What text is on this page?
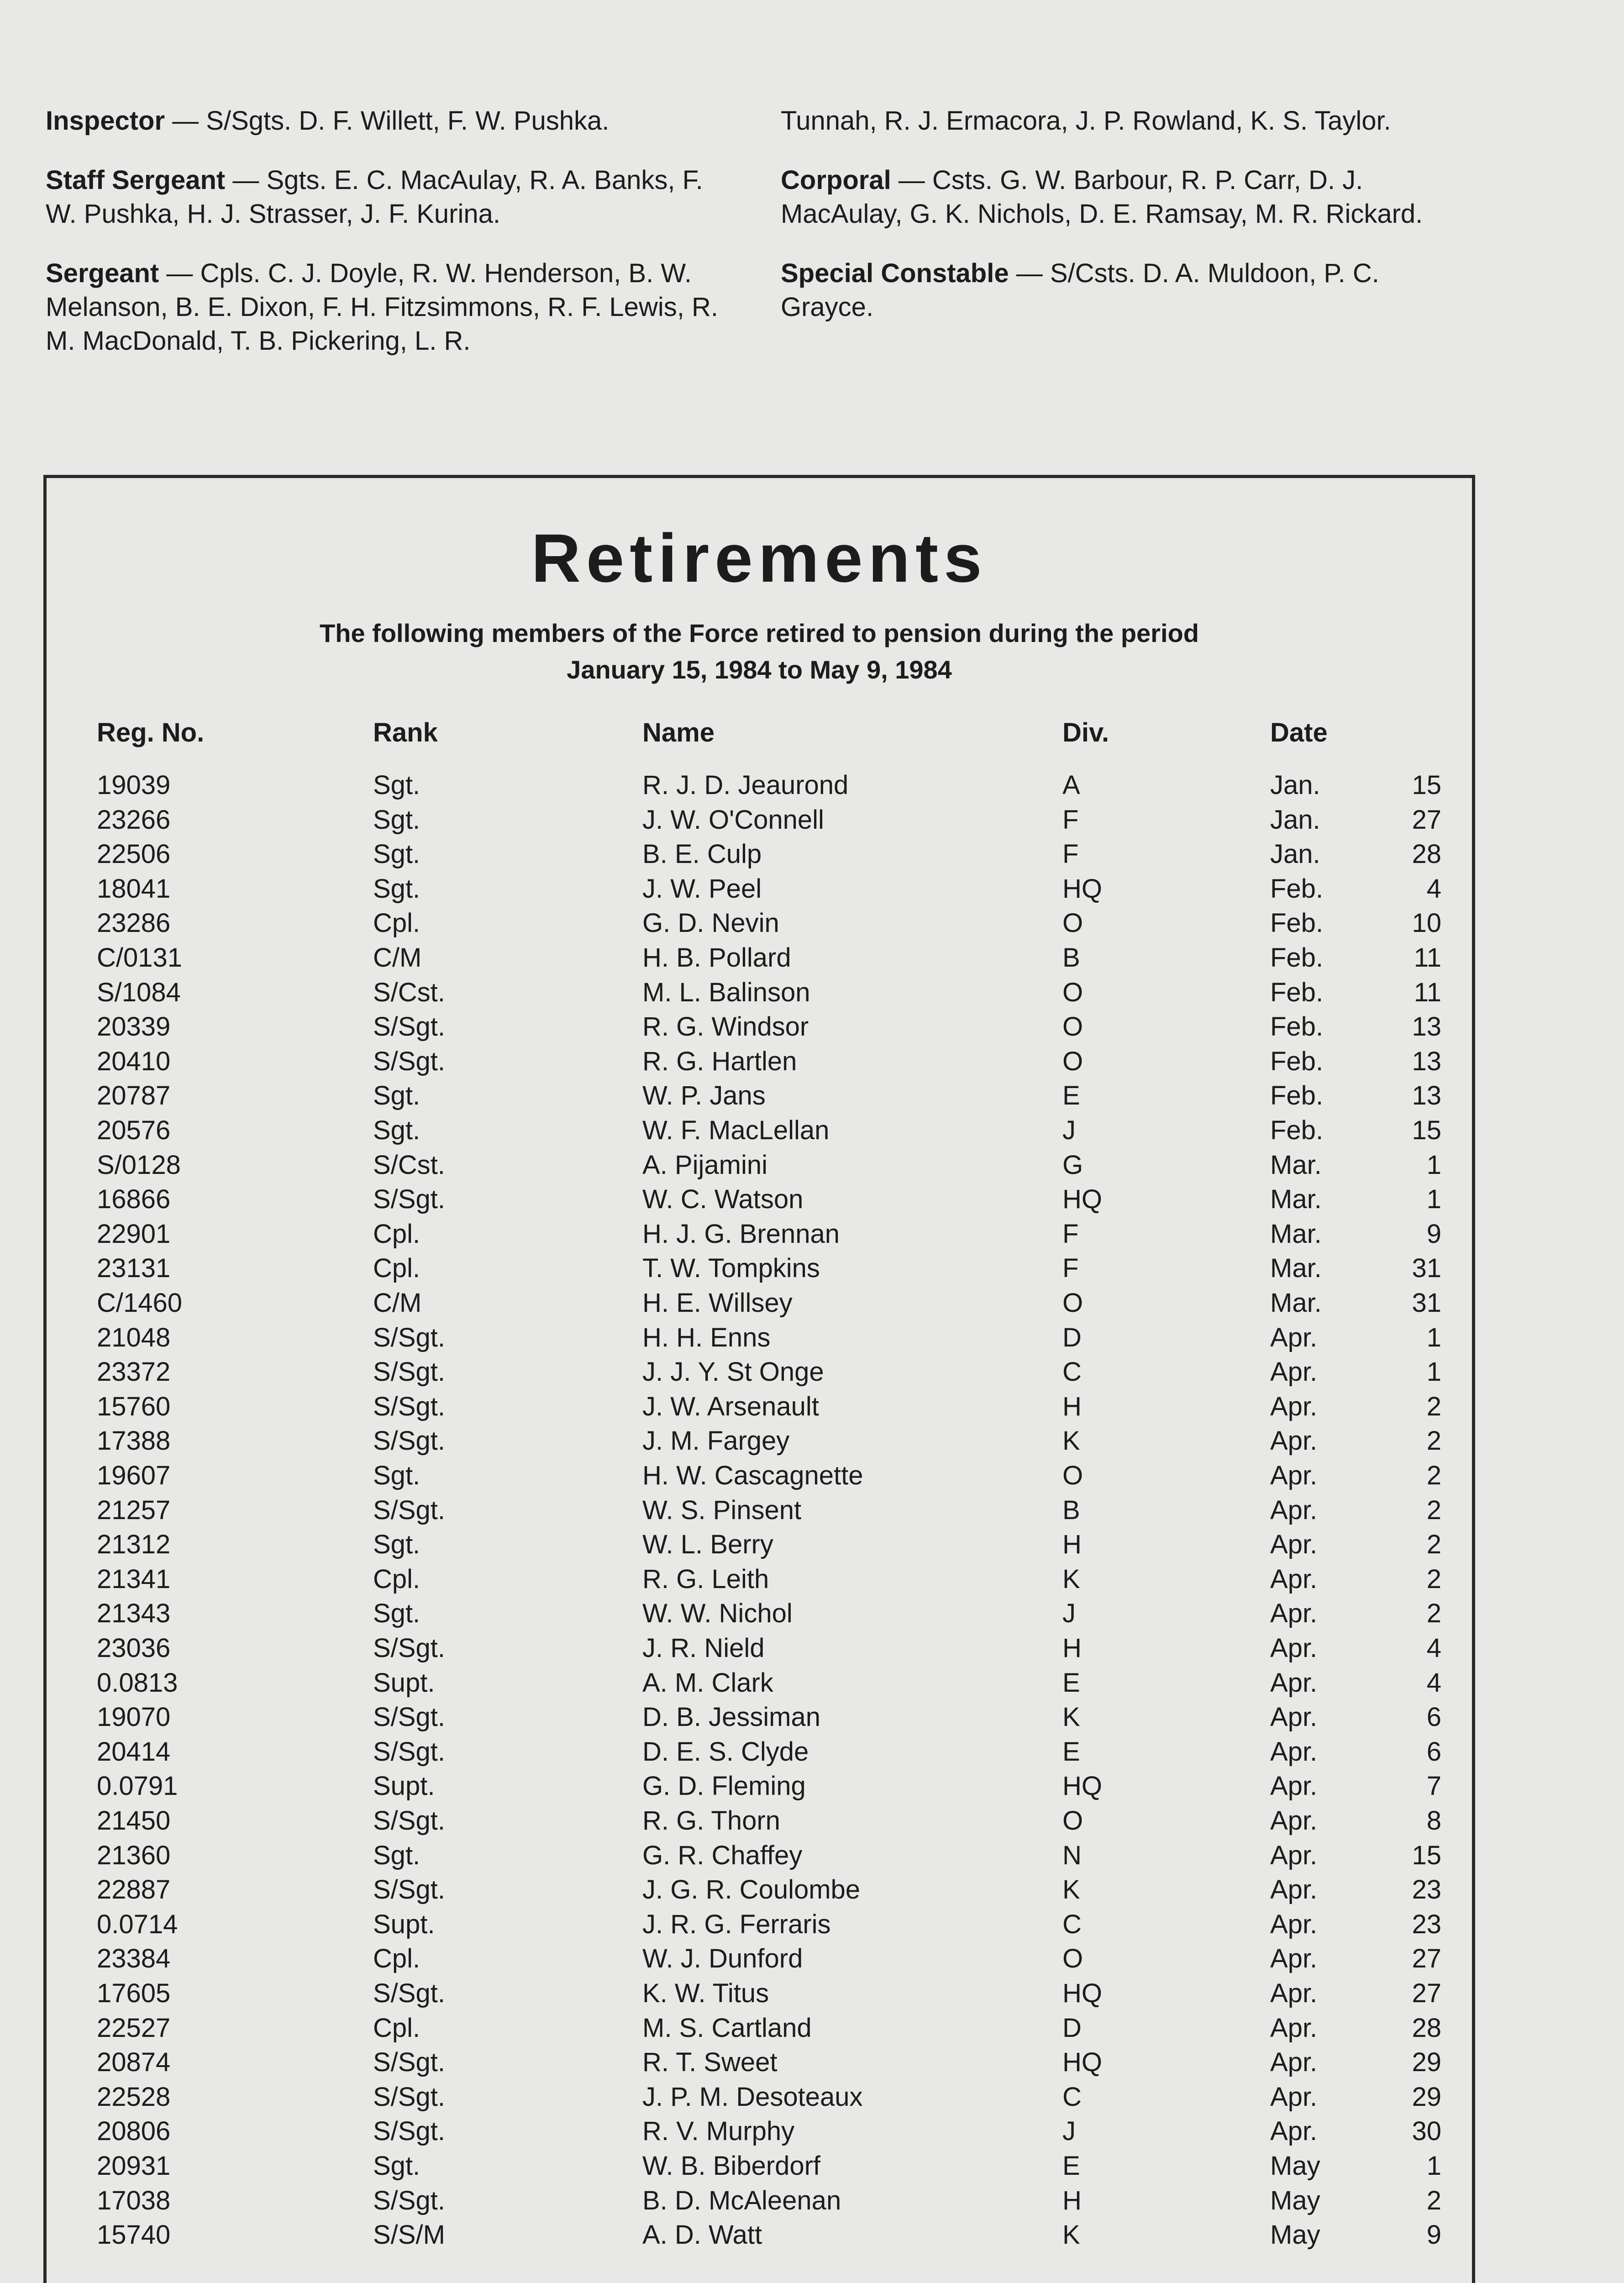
Inspector — S/Sgts. D. F. Willett, F. W. Pushka.
Staff Sergeant — Sgts. E. C. MacAulay, R. A. Banks, F. W. Pushka, H. J. Strasser, J. F. Kurina.
Sergeant — Cpls. C. J. Doyle, R. W. Henderson, B. W. Melanson, B. E. Dixon, F. H. Fitzsimmons, R. F. Lewis, R. M. MacDonald, T. B. Pickering, L. R.
Tunnah, R. J. Ermacora, J. P. Rowland, K. S. Taylor.
Corporal — Csts. G. W. Barbour, R. P. Carr, D. J. MacAulay, G. K. Nichols, D. E. Ramsay, M. R. Rickard.
Special Constable — S/Csts. D. A. Muldoon, P. C. Grayce.
Retirements
The following members of the Force retired to pension during the period
January 15, 1984 to May 9, 1984
Reg. No.	Rank	Name	Div.	Date
19039	Sgt.	R. J. D. Jeaurond	A	Jan.	15
23266	Sgt.	J. W. O'Connell	F	Jan.	27
22506	Sgt.	B. E. Culp	F	Jan.	28
18041	Sgt.	J. W. Peel	HQ	Feb.	4
23286	Cpl.	G. D. Nevin	O	Feb.	10
C/0131	C/M	H. B. Pollard	B	Feb.	11
S/1084	S/Cst.	M. L. Balinson	O	Feb.	11
20339	S/Sgt.	R. G. Windsor	O	Feb.	13
20410	S/Sgt.	R. G. Hartlen	O	Feb.	13
20787	Sgt.	W. P. Jans	E	Feb.	13
20576	Sgt.	W. F. MacLellan	J	Feb.	15
S/0128	S/Cst.	A. Pijamini	G	Mar.	1
16866	S/Sgt.	W. C. Watson	HQ	Mar.	1
22901	Cpl.	H. J. G. Brennan	F	Mar.	9
23131	Cpl.	T. W. Tompkins	F	Mar.	31
C/1460	C/M	H. E. Willsey	O	Mar.	31
21048	S/Sgt.	H. H. Enns	D	Apr.	1
23372	S/Sgt.	J. J. Y. St Onge	C	Apr.	1
15760	S/Sgt.	J. W. Arsenault	H	Apr.	2
17388	S/Sgt.	J. M. Fargey	K	Apr.	2
19607	Sgt.	H. W. Cascagnette	O	Apr.	2
21257	S/Sgt.	W. S. Pinsent	B	Apr.	2
21312	Sgt.	W. L. Berry	H	Apr.	2
21341	Cpl.	R. G. Leith	K	Apr.	2
21343	Sgt.	W. W. Nichol	J	Apr.	2
23036	S/Sgt.	J. R. Nield	H	Apr.	4
0.0813	Supt.	A. M. Clark	E	Apr.	4
19070	S/Sgt.	D. B. Jessiman	K	Apr.	6
20414	S/Sgt.	D. E. S. Clyde	E	Apr.	6
0.0791	Supt.	G. D. Fleming	HQ	Apr.	7
21450	S/Sgt.	R. G. Thorn	O	Apr.	8
21360	Sgt.	G. R. Chaffey	N	Apr.	15
22887	S/Sgt.	J. G. R. Coulombe	K	Apr.	23
0.0714	Supt.	J. R. G. Ferraris	C	Apr.	23
23384	Cpl.	W. J. Dunford	O	Apr.	27
17605	S/Sgt.	K. W. Titus	HQ	Apr.	27
22527	Cpl.	M. S. Cartland	D	Apr.	28
20874	S/Sgt.	R. T. Sweet	HQ	Apr.	29
22528	S/Sgt.	J. P. M. Desoteaux	C	Apr.	29
20806	S/Sgt.	R. V. Murphy	J	Apr.	30
20931	Sgt.	W. B. Biberdorf	E	May	1
17038	S/Sgt.	B. D. McAleenan	H	May	2
15740	S/S/M	A. D. Watt	K	May	9
